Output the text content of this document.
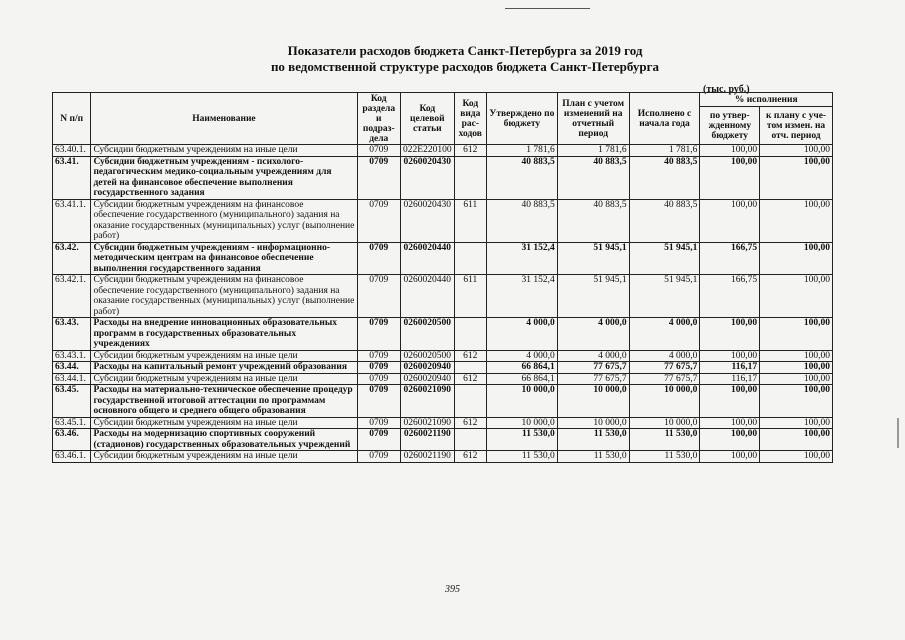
Показатели расходов бюджета Санкт-Петербурга за 2019 год
по ведомственной структуре расходов бюджета Санкт-Петербурга
(тыс. руб.)
N п/п	Наименование	Код раздела и подраз-дела	Код целевой статьи	Код вида рас-ходов	Утверждено по бюджету	План с учетом изменений на отчетный период	Исполнено с начала года	% исполнения	
								по утвер-жденному бюджету	к плану с уче-том измен. на отч. период
63.40.1.	Субсидии бюджетным учреждениям на иные цели	0709	022Е220100	612	1 781,6	1 781,6	1 781,6	100,00	100,00
63.41.	Субсидии бюджетным учреждениям - психолого-педагогическим медико-социальным учреждениям для детей на финансовое обеспечение выполнения государственного задания	0709	0260020430		40 883,5	40 883,5	40 883,5	100,00	100,00
63.41.1.	Субсидии бюджетным учреждениям на финансовое обеспечение государственного (муниципального) задания на оказание государственных (муниципальных) услуг (выполнение работ)	0709	0260020430	611	40 883,5	40 883,5	40 883,5	100,00	100,00
63.42.	Субсидии бюджетным учреждениям - информационно-методическим центрам на финансовое обеспечение выполнения государственного задания	0709	0260020440		31 152,4	51 945,1	51 945,1	166,75	100,00
63.42.1.	Субсидии бюджетным учреждениям на финансовое обеспечение государственного (муниципального) задания на оказание государственных (муниципальных) услуг (выполнение работ)	0709	0260020440	611	31 152,4	51 945,1	51 945,1	166,75	100,00
63.43.	Расходы на внедрение инновационных образовательных программ в государственных образовательных учреждениях	0709	0260020500		4 000,0	4 000,0	4 000,0	100,00	100,00
63.43.1.	Субсидии бюджетным учреждениям на иные цели	0709	0260020500	612	4 000,0	4 000,0	4 000,0	100,00	100,00
63.44.	Расходы на капитальный ремонт учреждений образования	0709	0260020940		66 864,1	77 675,7	77 675,7	116,17	100,00
63.44.1.	Субсидии бюджетным учреждениям на иные цели	0709	0260020940	612	66 864,1	77 675,7	77 675,7	116,17	100,00
63.45.	Расходы на материально-техническое обеспечение процедур государственной итоговой аттестации по программам основного общего и среднего общего образования	0709	0260021090		10 000,0	10 000,0	10 000,0	100,00	100,00
63.45.1.	Субсидии бюджетным учреждениям на иные цели	0709	0260021090	612	10 000,0	10 000,0	10 000,0	100,00	100,00
63.46.	Расходы на модернизацию спортивных сооружений (стадионов) государственных образовательных учреждений	0709	0260021190		11 530,0	11 530,0	11 530,0	100,00	100,00
63.46.1.	Субсидии бюджетным учреждениям на иные цели	0709	0260021190	612	11 530,0	11 530,0	11 530,0	100,00	100,00
395
